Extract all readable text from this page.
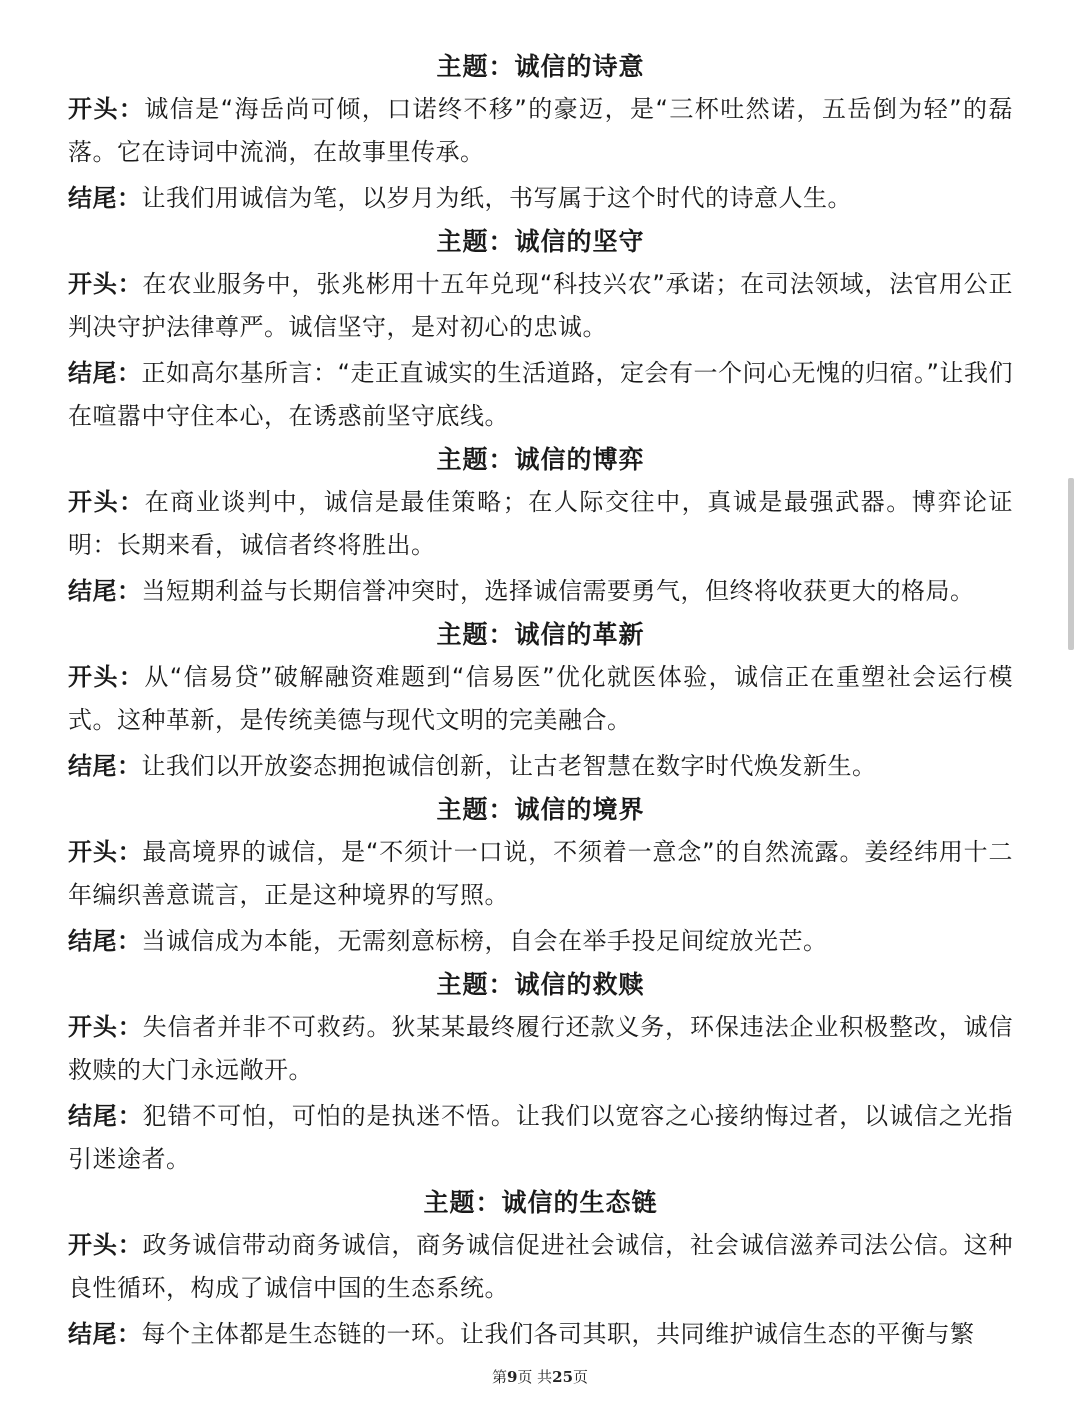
主题：诚信的诗意

开头：诚信是“海岳尚可倾，口诺终不移”的豪迈，是“三杯吐然诺，五岳倒为轻”的磊落。它在诗词中流淌，在故事里传承。

结尾：让我们用诚信为笔，以岁月为纸，书写属于这个时代的诗意人生。

主题：诚信的坚守

开头：在农业服务中，张兆彬用十五年兑现“科技兴农”承诺；在司法领域，法官用公正判决守护法律尊严。诚信坚守，是对初心的忠诚。

结尾：正如高尔基所言：“走正直诚实的生活道路，定会有一个问心无愧的归宿。”让我们在喧嚣中守住本心，在诱惑前坚守底线。

主题：诚信的博弈

开头：在商业谈判中，诚信是最佳策略；在人际交往中，真诚是最强武器。博弈论证明：长期来看，诚信者终将胜出。

结尾：当短期利益与长期信誉冲突时，选择诚信需要勇气，但终将收获更大的格局。

主题：诚信的革新

开头：从“信易贷”破解融资难题到“信易医”优化就医体验，诚信正在重塑社会运行模式。这种革新，是传统美德与现代文明的完美融合。

结尾：让我们以开放姿态拥抱诚信创新，让古老智慧在数字时代焕发新生。

主题：诚信的境界

开头：最高境界的诚信，是“不须计一口说，不须着一意念”的自然流露。姜经纬用十二年编织善意谎言，正是这种境界的写照。

结尾：当诚信成为本能，无需刻意标榜，自会在举手投足间绽放光芒。

主题：诚信的救赎

开头：失信者并非不可救药。狄某某最终履行还款义务，环保违法企业积极整改，诚信救赎的大门永远敞开。

结尾：犯错不可怕，可怕的是执迷不悟。让我们以宽容之心接纳悔过者，以诚信之光指引迷途者。

主题：诚信的生态链

开头：政务诚信带动商务诚信，商务诚信促进社会诚信，社会诚信滋养司法公信。这种良性循环，构成了诚信中国的生态系统。

结尾：每个主体都是生态链的一环。让我们各司其职，共同维护诚信生态的平衡与繁

第9页 共25页
